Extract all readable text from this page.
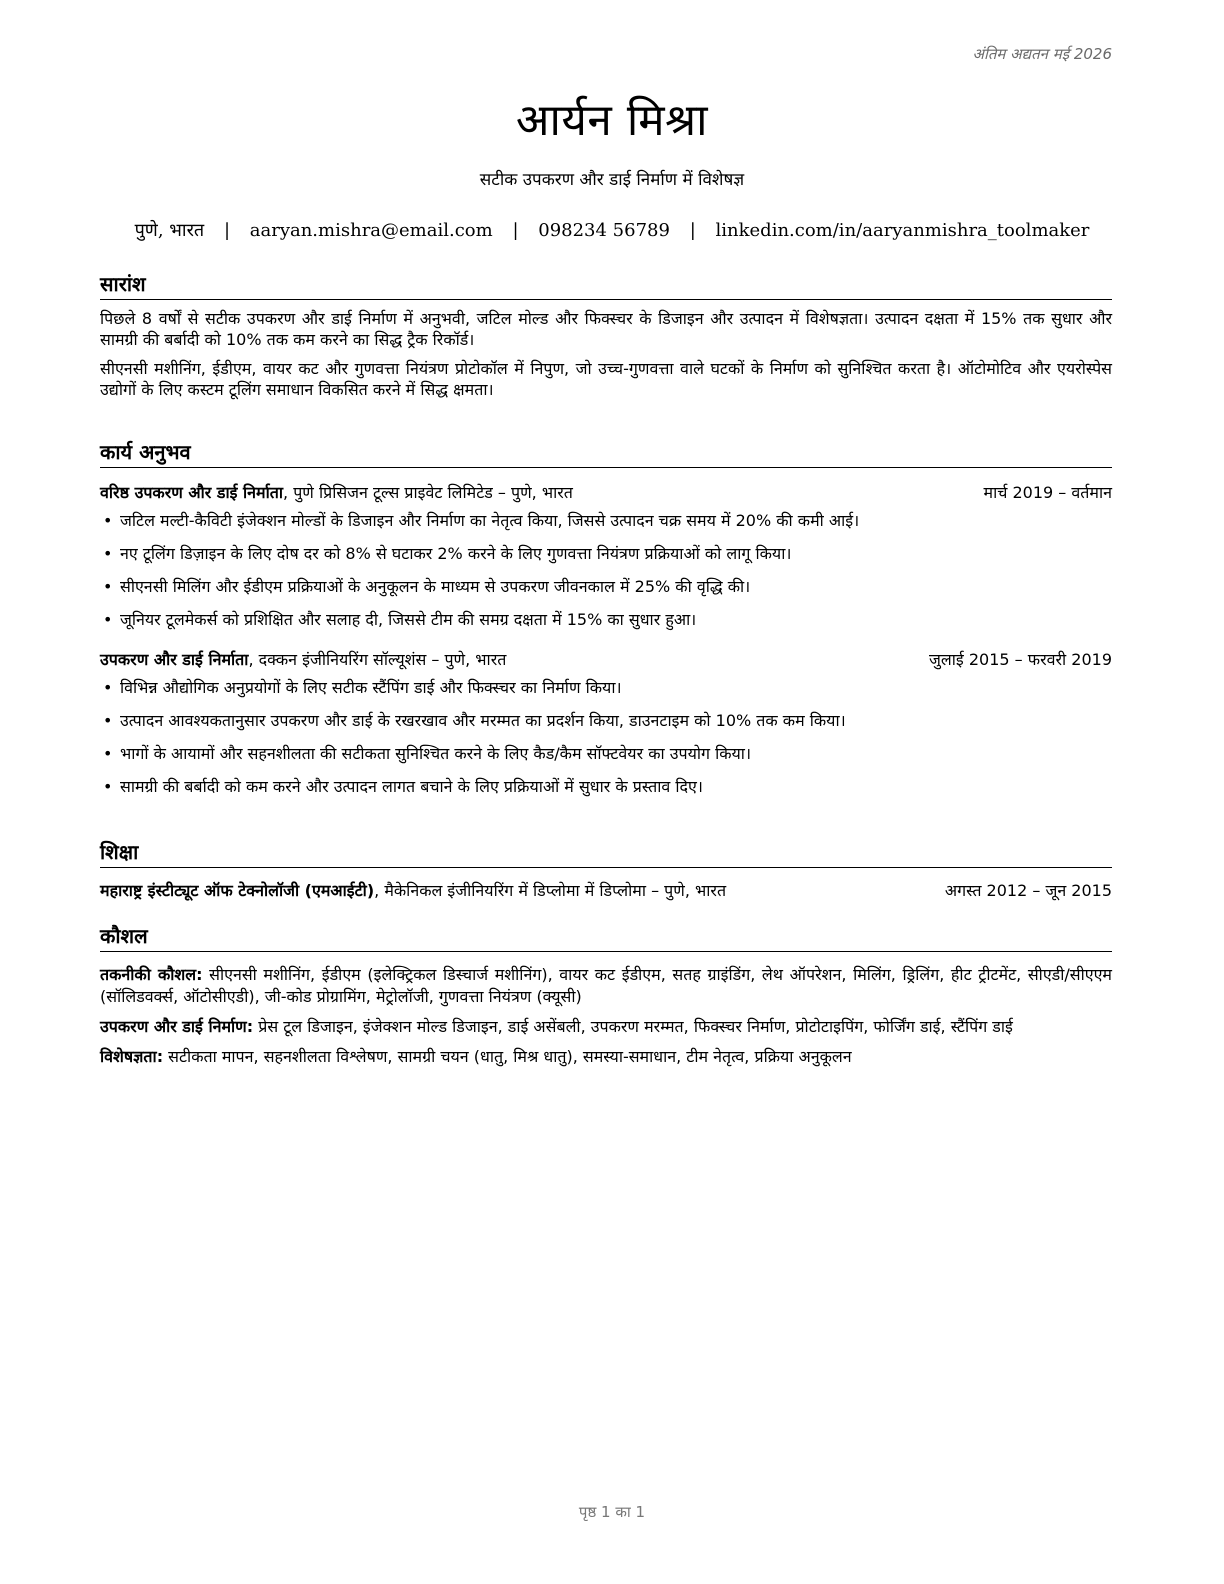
अंतिम अद्यतन मई 2026
आर्यन मिश्रा
सटीक उपकरण और डाई निर्माण में विशेषज्ञ
पुणे, भारत | aaryan.mishra@email.com | 098234 56789 | linkedin.com/in/aaryanmishra_toolmaker
सारांश

पिछले 8 वर्षों से सटीक उपकरण और डाई निर्माण में अनुभवी, जटिल मोल्ड और फिक्स्चर के डिजाइन और उत्पादन में विशेषज्ञता। उत्पादन दक्षता में 15% तक सुधार और सामग्री की बर्बादी को 10% तक कम करने का सिद्ध ट्रैक रिकॉर्ड।

सीएनसी मशीनिंग, ईडीएम, वायर कट और गुणवत्ता नियंत्रण प्रोटोकॉल में निपुण, जो उच्च-गुणवत्ता वाले घटकों के निर्माण को सुनिश्चित करता है। ऑटोमोटिव और एयरोस्पेस उद्योगों के लिए कस्टम टूलिंग समाधान विकसित करने में सिद्ध क्षमता।

कार्य अनुभव
वरिष्ठ उपकरण और डाई निर्माता, पुणे प्रिसिजन टूल्स प्राइवेट लिमिटेड – पुणे, भारत	मार्च 2019 – वर्तमान
• जटिल मल्टी-कैविटी इंजेक्शन मोल्डों के डिजाइन और निर्माण का नेतृत्व किया, जिससे उत्पादन चक्र समय में 20% की कमी आई।
• नए टूलिंग डिज़ाइन के लिए दोष दर को 8% से घटाकर 2% करने के लिए गुणवत्ता नियंत्रण प्रक्रियाओं को लागू किया।
• सीएनसी मिलिंग और ईडीएम प्रक्रियाओं के अनुकूलन के माध्यम से उपकरण जीवनकाल में 25% की वृद्धि की।
• जूनियर टूलमेकर्स को प्रशिक्षित और सलाह दी, जिससे टीम की समग्र दक्षता में 15% का सुधार हुआ।
उपकरण और डाई निर्माता, दक्कन इंजीनियरिंग सॉल्यूशंस – पुणे, भारत	जुलाई 2015 – फरवरी 2019
• विभिन्न औद्योगिक अनुप्रयोगों के लिए सटीक स्टैंपिंग डाई और फिक्स्चर का निर्माण किया।
• उत्पादन आवश्यकतानुसार उपकरण और डाई के रखरखाव और मरम्मत का प्रदर्शन किया, डाउनटाइम को 10% तक कम किया।
• भागों के आयामों और सहनशीलता की सटीकता सुनिश्चित करने के लिए कैड/कैम सॉफ्टवेयर का उपयोग किया।
• सामग्री की बर्बादी को कम करने और उत्पादन लागत बचाने के लिए प्रक्रियाओं में सुधार के प्रस्ताव दिए।
शिक्षा
महाराष्ट्र इंस्टीट्यूट ऑफ टेक्नोलॉजी (एमआईटी), मैकेनिकल इंजीनियरिंग में डिप्लोमा में डिप्लोमा – पुणे, भारत	अगस्त 2012 – जून 2015
कौशल

तकनीकी कौशल: सीएनसी मशीनिंग, ईडीएम (इलेक्ट्रिकल डिस्चार्ज मशीनिंग), वायर कट ईडीएम, सतह ग्राइंडिंग, लेथ ऑपरेशन, मिलिंग, ड्रिलिंग, हीट ट्रीटमेंट, सीएडी/सीएएम (सॉलिडवर्क्स, ऑटोसीएडी), जी-कोड प्रोग्रामिंग, मेट्रोलॉजी, गुणवत्ता नियंत्रण (क्यूसी)

उपकरण और डाई निर्माण: प्रेस टूल डिजाइन, इंजेक्शन मोल्ड डिजाइन, डाई असेंबली, उपकरण मरम्मत, फिक्स्चर निर्माण, प्रोटोटाइपिंग, फोर्जिंग डाई, स्टैंपिंग डाई

विशेषज्ञता: सटीकता मापन, सहनशीलता विश्लेषण, सामग्री चयन (धातु, मिश्र धातु), समस्या-समाधान, टीम नेतृत्व, प्रक्रिया अनुकूलन

पृष्ठ 1 का 1
